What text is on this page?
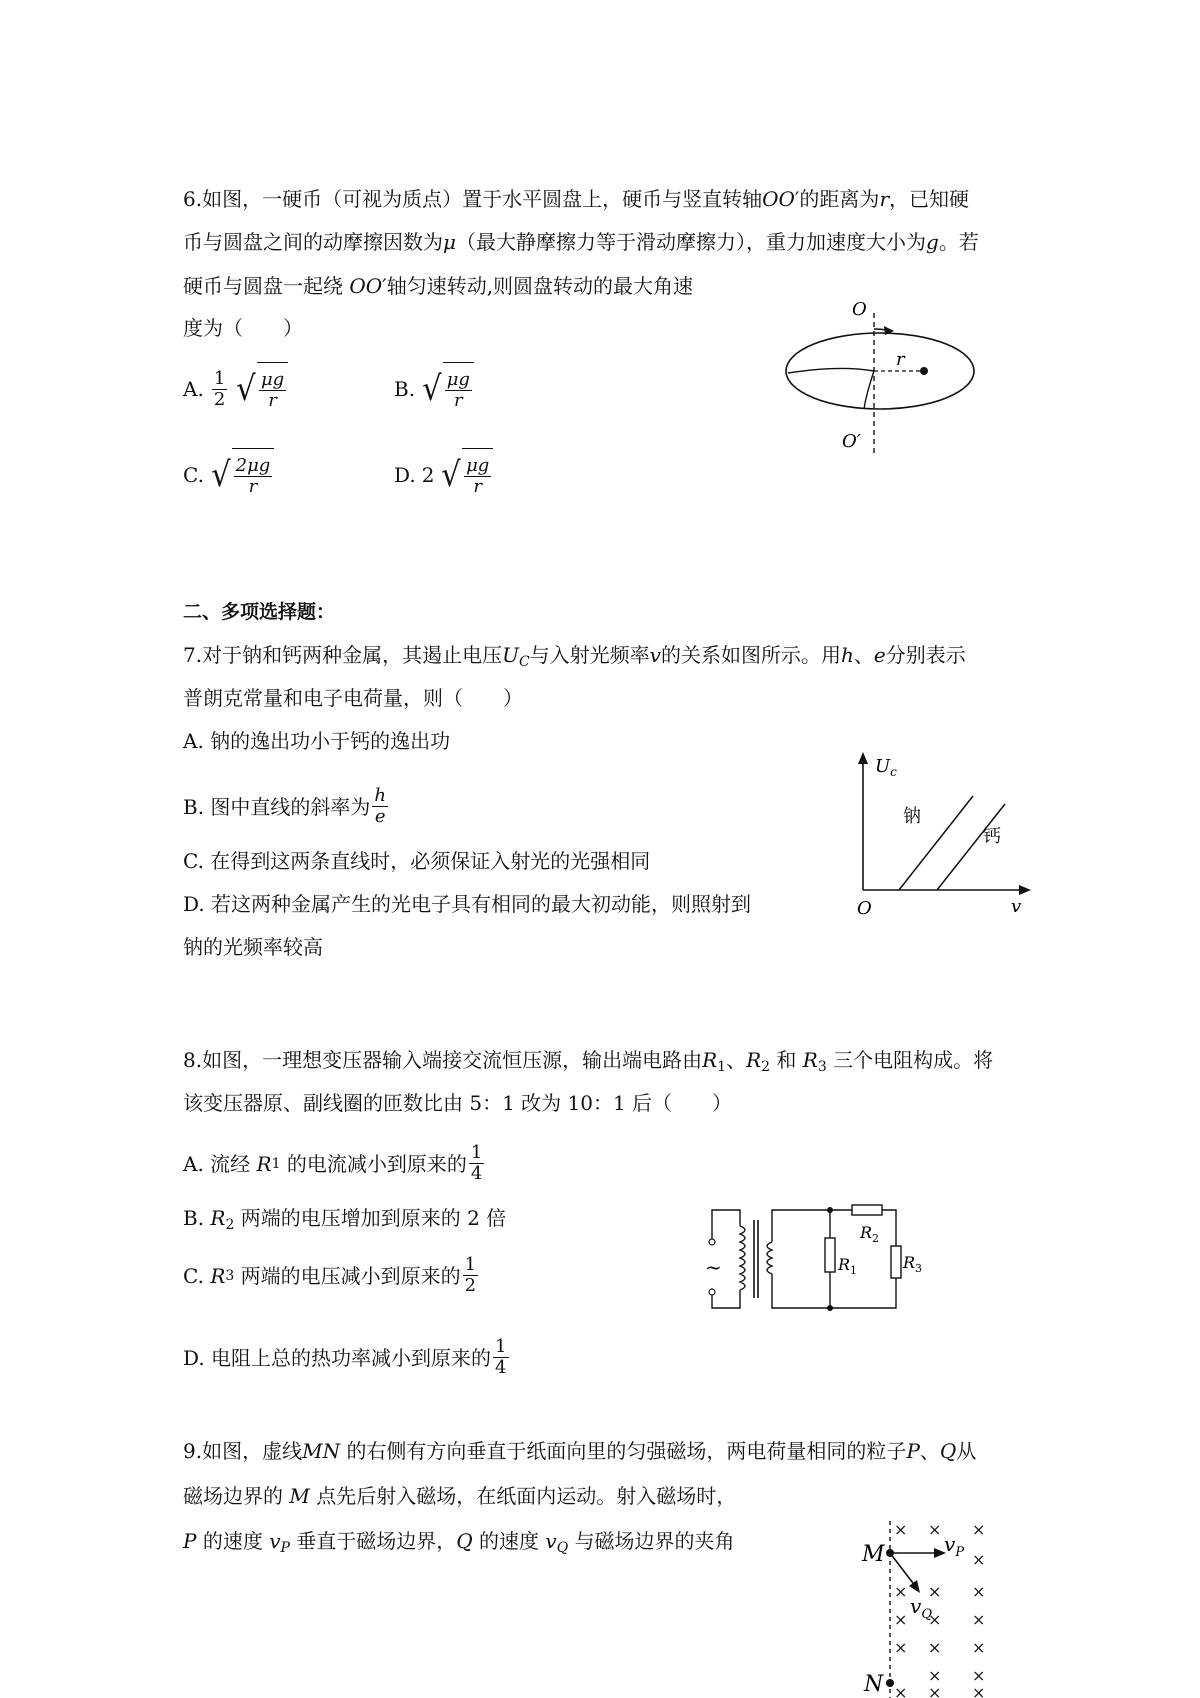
6.如图，一硬币（可视为质点）置于水平圆盘上，硬币与竖直转轴OO′的距离为r，已知硬
币与圆盘之间的动摩擦因数为μ（最大静摩擦力等于滑动摩擦力），重力加速度大小为g。若
硬币与圆盘一起绕 OO′轴匀速转动,则圆盘转动的最大角速
度为（　　）
A. $\frac{1}{2}$ √ $\frac{\mu g}{r}$	B. √ $\frac{\mu g}{r}$
C. √ $\frac{2\mu g}{r}$	D. 2 √ $\frac{\mu g}{r}$
O
r
O′
二、多项选择题：
7.对于钠和钙两种金属，其遏止电压$U_C$与入射光频率v的关系如图所示。用h、e分别表示
普朗克常量和电子电荷量，则（　　）
A. 钠的逸出功小于钙的逸出功
B. 图中直线的斜率为 $\frac{h}{e}$
C. 在得到这两条直线时，必须保证入射光的光强相同
D. 若这两种金属产生的光电子具有相同的最大初动能，则照射到
钠的光频率较高
$U_c$
钠
钙
O	v
8.如图，一理想变压器输入端接交流恒压源，输出端电路由$R_1$、$R_2$ 和 $R_3$ 三个电阻构成。将
该变压器原、副线圈的匝数比由 5：1 改为 10：1 后（　　）
A. 流经
R 1
的电流减小到原来的 $\frac{1}{4}$
B. $R_2$ 两端的电压增加到原来的 2 倍
C.
R 3
两端的电压减小到原来的 $\frac{1}{2}$
D. 电阻上总的热功率减小到原来的 $\frac{1}{4}$
~	$R_1$
$R_2$
$R_3$
9.如图，虚线MN 的右侧有方向垂直于纸面向里的匀强磁场，两电荷量相同的粒子P、Q从
磁场边界的 M 点先后射入磁场，在纸面内运动。射入磁场时，
P 的速度 $v_P$ 垂直于磁场边界，Q 的速度 $v_Q$ 与磁场边界的夹角	× × ×
×
× × ×
× × ×
× × ×
× ×
× × ×
M
N
$v_P$
$v_Q$
